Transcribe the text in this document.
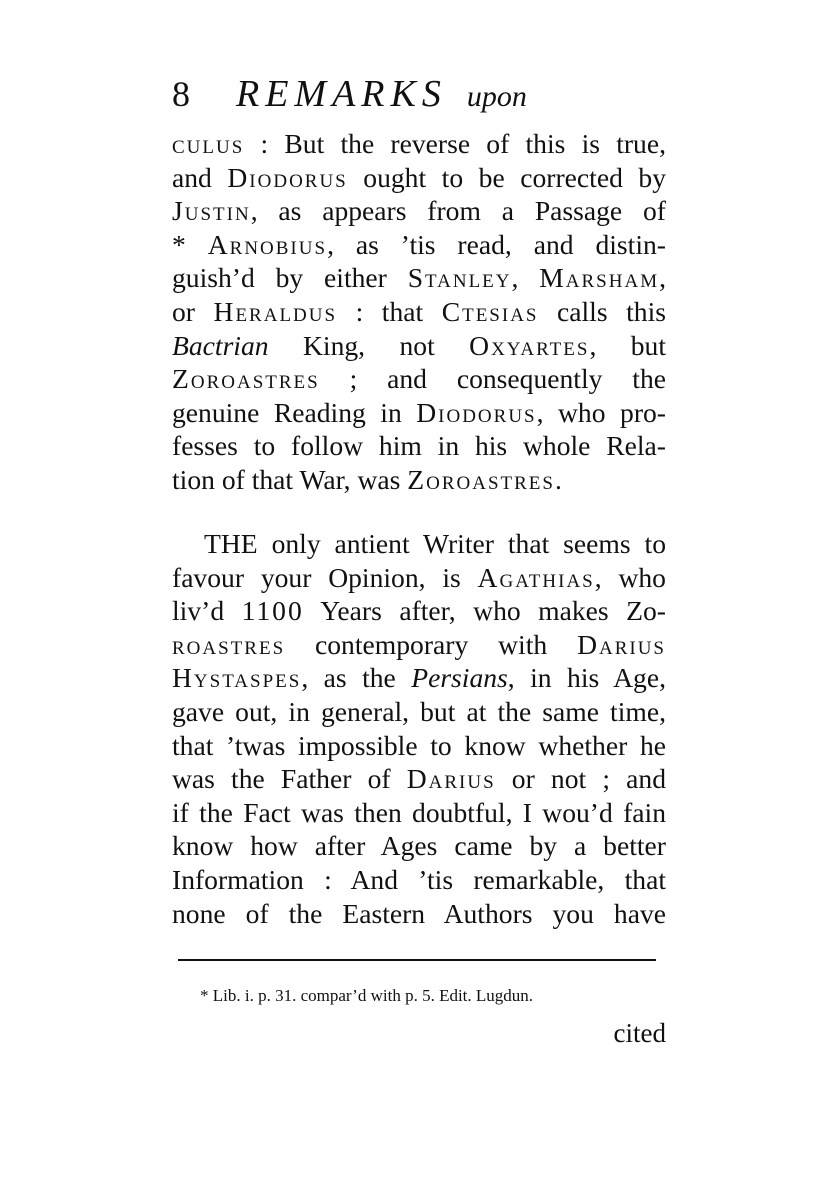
8 REMARKS upon
culus : But the reverse of this is true,
and Diodorus ought to be corrected by
Justin, as appears from a Passage of
* Arnobius, as ’tis read, and distin-
guish’d by either Stanley, Marsham,
or Heraldus : that Ctesias calls this
Bactrian King, not Oxyartes, but
Zoroastres ; and consequently the
genuine Reading in Diodorus, who pro-
fesses to follow him in his whole Rela-
tion of that War, was Zoroastres.
THE only antient Writer that seems to
favour your Opinion, is Agathias, who
liv’d 1100 Years after, who makes Zo-
roastres contemporary with Darius
Hystaspes, as the Persians, in his Age,
gave out, in general, but at the same time,
that ’twas impossible to know whether he
was the Father of Darius or not ; and
if the Fact was then doubtful, I wou’d fain
know how after Ages came by a better
Information : And ’tis remarkable, that
none of the Eastern Authors you have
* Lib. i. p. 31. compar’d with p. 5. Edit. Lugdun.
cited
